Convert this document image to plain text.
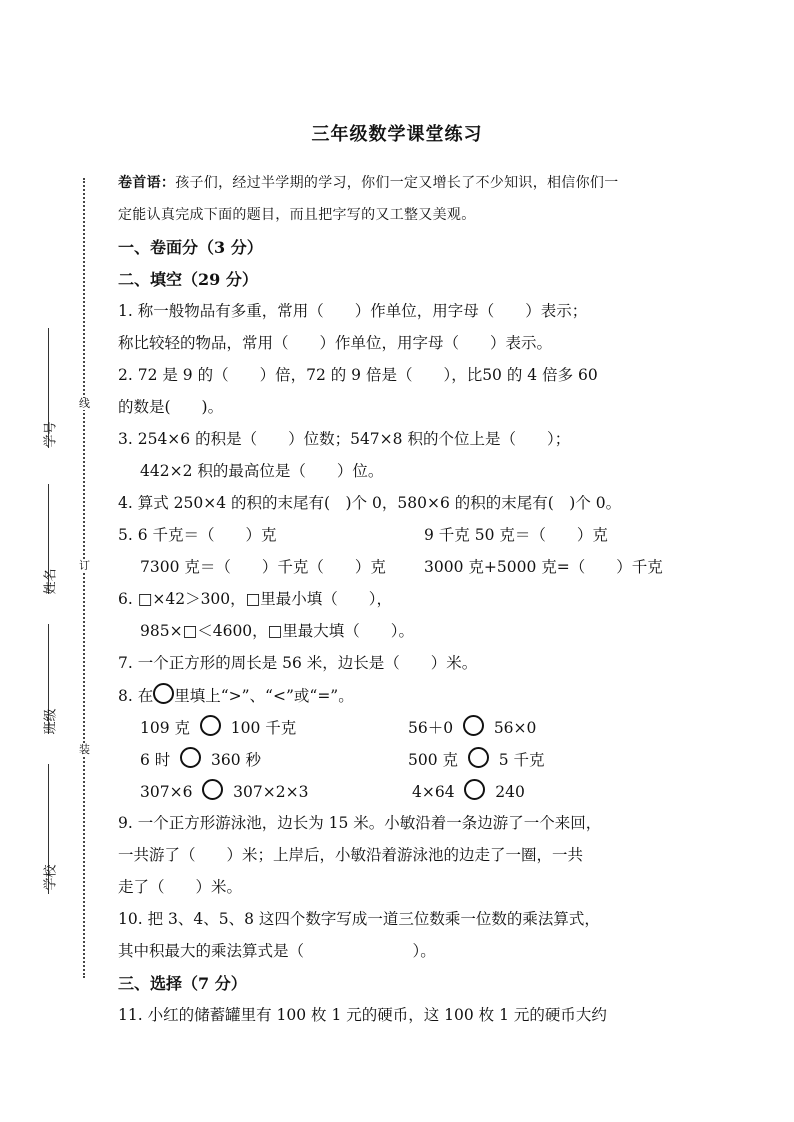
线
订
装
学号
姓名
班级
学校
三年级数学课堂练习
卷首语：孩子们，经过半学期的学习，你们一定又增长了不少知识，相信你们一
定能认真完成下面的题目，而且把字写的又工整又美观。
一、卷面分（3 分）
二、填空（29 分）
1. 称一般物品有多重，常用（　　）作单位，用字母（　　）表示；
称比较轻的物品，常用（　　）作单位，用字母（　　）表示。
2. 72 是 9 的（　　）倍，72 的 9 倍是（　　），比50 的 4 倍多 60
的数是(　　)。
3. 254×6 的积是（　　）位数；547×8 积的个位上是（　　）；
442×2 积的最高位是（　　）位。
4. 算式 250×4 的积的末尾有(　)个 0，580×6 的积的末尾有(　)个 0。
5. 6 千克＝（　　）克	9 千克 50 克＝（　　）克
7300 克＝（　　）千克（　　）克 3000 克+5000 克=（　　）千克
6. □×42＞300，□里最小填（　　），
985×□＜4600，□里最大填（　　）。
7. 一个正方形的周长是 56 米，边长是（　　）米。
8. 在 里填上“>”、“<”或“=”。
109 克	100 千克	56＋0	56×0
6 时	360 秒	500 克	5 千克
307×6	307×2×3	4×64	240
9. 一个正方形游泳池，边长为 15 米。小敏沿着一条边游了一个来回，
一共游了（　　）米；上岸后，小敏沿着游泳池的边走了一圈，一共
走了（　　）米。
10. 把 3、4、5、8 这四个数字写成一道三位数乘一位数的乘法算式，
其中积最大的乘法算式是（　　　　　　　）。
三、选择（7 分）
11. 小红的储蓄罐里有 100 枚 1 元的硬币，这 100 枚 1 元的硬币大约
